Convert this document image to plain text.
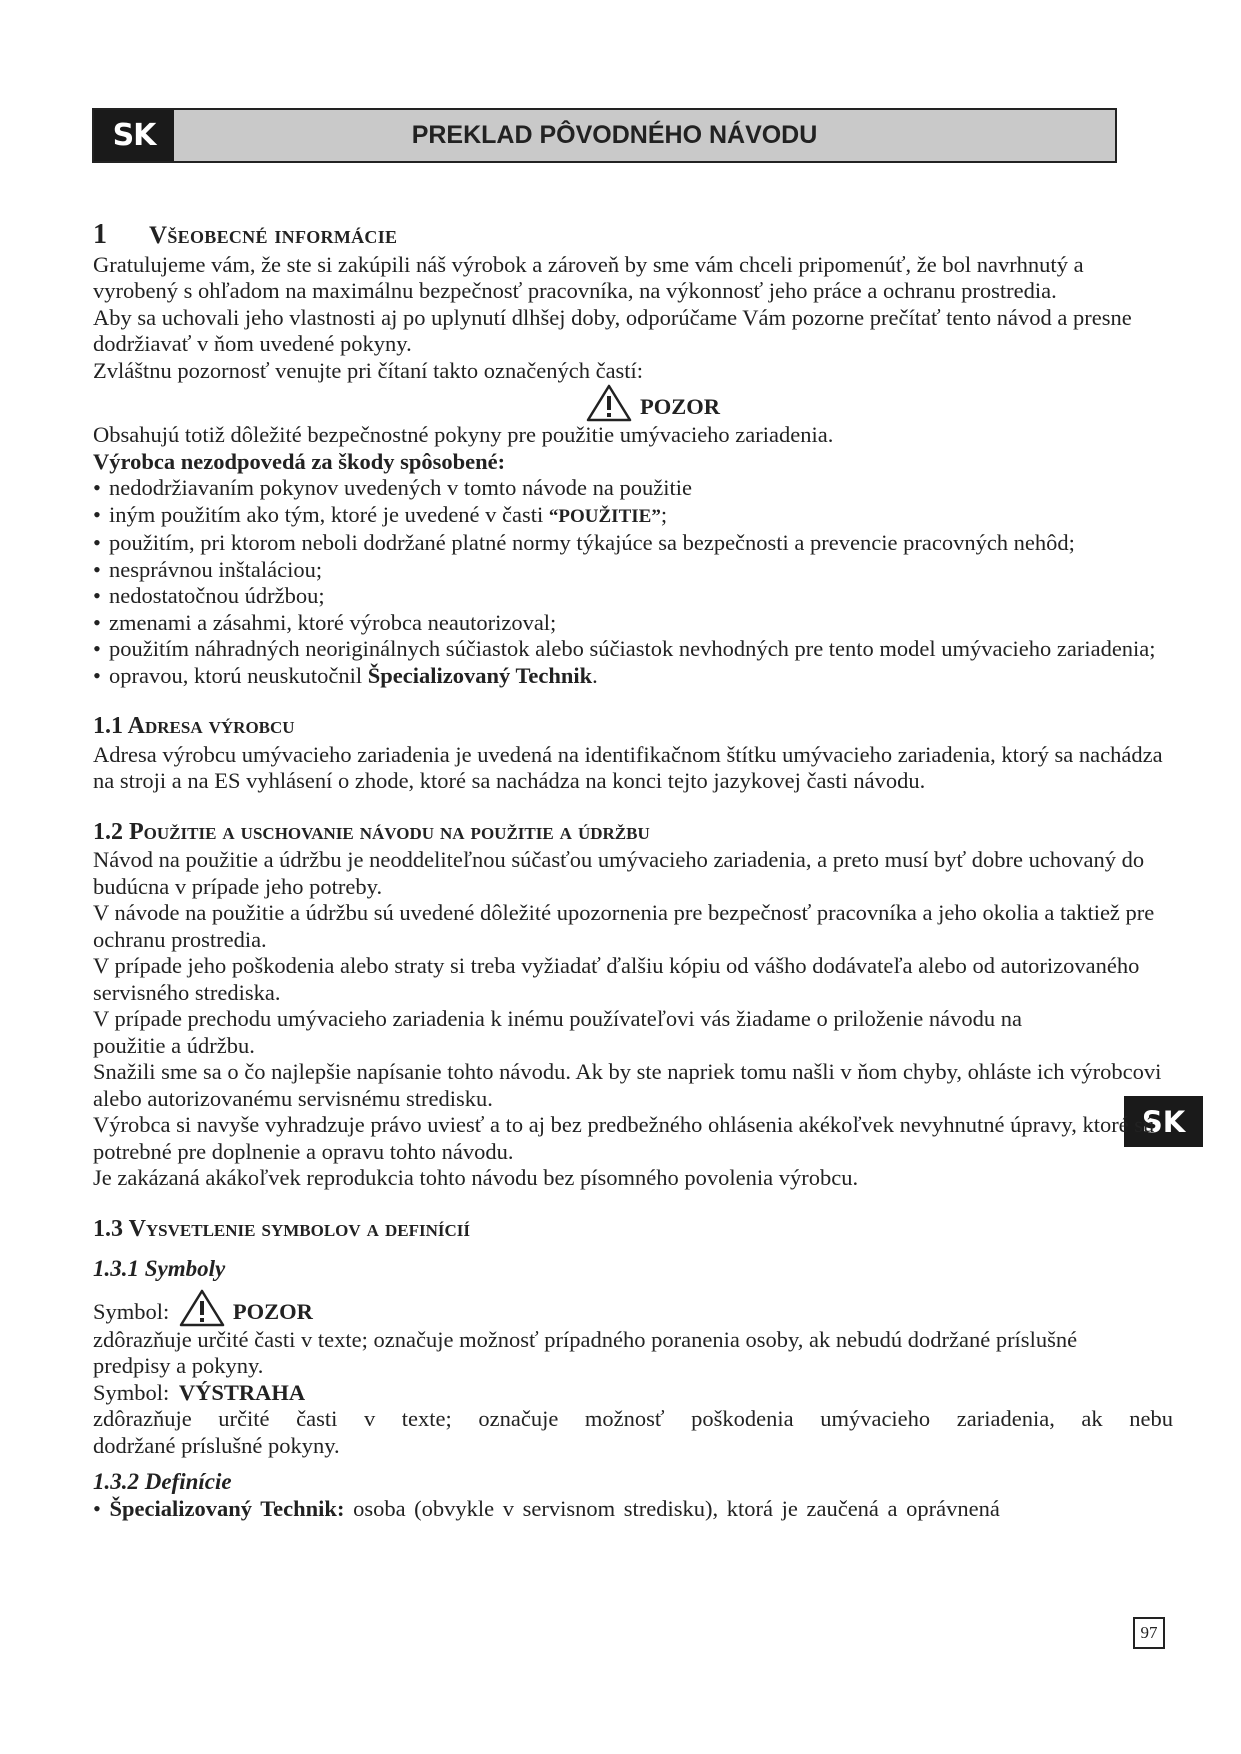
SK	PREKLAD PÔVODNÉHO NÁVODU
SK
1 Všeobecné informácie

Gratulujeme vám, že ste si zakúpili náš výrobok a zároveň by sme vám chceli pripomenúť, že bol navrhnutý a vyrobený s ohľadom na maximálnu bezpečnosť pracovníka, na výkonnosť jeho práce a ochranu prostredia.

Aby sa uchovali jeho vlastnosti aj po uplynutí dlhšej doby, odporúčame Vám pozorne prečítať tento návod a presne dodržiavať v ňom uvedené pokyny.

Zvláštnu pozornosť venujte pri čítaní takto označených častí:

POZOR

Obsahujú totiž dôležité bezpečnostné pokyny pre použitie umývacieho zariadenia.

Výrobca nezodpovedá za škody spôsobené:

• nedodržiavaním pokynov uvedených v tomto návode na použitie
• iným použitím ako tým, ktoré je uvedené v časti “POUŽITIE”;
• použitím, pri ktorom neboli dodržané platné normy týkajúce sa bezpečnosti a prevencie pracovných nehôd;
• nesprávnou inštaláciou;
• nedostatočnou údržbou;
• zmenami a zásahmi, ktoré výrobca neautorizoval;
• použitím náhradných neoriginálnych súčiastok alebo súčiastok nevhodných pre tento model umývacieho zariadenia;
• opravou, ktorú neuskutočnil Špecializovaný Technik.
1.1 Adresa výrobcu

Adresa výrobcu umývacieho zariadenia je uvedená na identifikačnom štítku umývacieho zariadenia, ktorý sa nachádza na stroji a na ES vyhlásení o zhode, ktoré sa nachádza na konci tejto jazykovej časti návodu.

1.2 Použitie a uschovanie návodu na použitie a údržbu

Návod na použitie a údržbu je neoddeliteľnou súčasťou umývacieho zariadenia, a preto musí byť dobre uchovaný do budúcna v prípade jeho potreby.

V návode na použitie a údržbu sú uvedené dôležité upozornenia pre bezpečnosť pracovníka a jeho okolia a taktiež pre ochranu prostredia.

V prípade jeho poškodenia alebo straty si treba vyžiadať ďalšiu kópiu od vášho dodávateľa alebo od autorizovaného servisného strediska.

V prípade prechodu umývacieho zariadenia k inému používateľovi vás žiadame o priloženie návodu na použitie a údržbu.

Snažili sme sa o čo najlepšie napísanie tohto návodu. Ak by ste napriek tomu našli v ňom chyby, ohláste ich výrobcovi alebo autorizovanému servisnému stredisku.

Výrobca si navyše vyhradzuje právo uviesť a to aj bez predbežného ohlásenia akékoľvek nevyhnutné úpravy, ktoré sú potrebné pre doplnenie a opravu tohto návodu.

Je zakázaná akákoľvek reprodukcia tohto návodu bez písomného povolenia výrobcu.

1.3 Vysvetlenie symbolov a definícií
1.3.1 Symboly

Symbol:	POZOR

zdôrazňuje určité časti v texte; označuje možnosť prípadného poranenia osoby, ak nebudú dodržané príslušné predpisy a pokyny.

Symbol: VÝSTRAHA

zdôrazňuje určité časti v texte; označuje možnosť poškodenia umývacieho zariadenia, ak nebu

dodržané príslušné pokyny.

1.3.2 Definície

• Špecializovaný Technik: osoba (obvykle v servisnom stredisku), ktorá je zaučená a oprávnená

97
